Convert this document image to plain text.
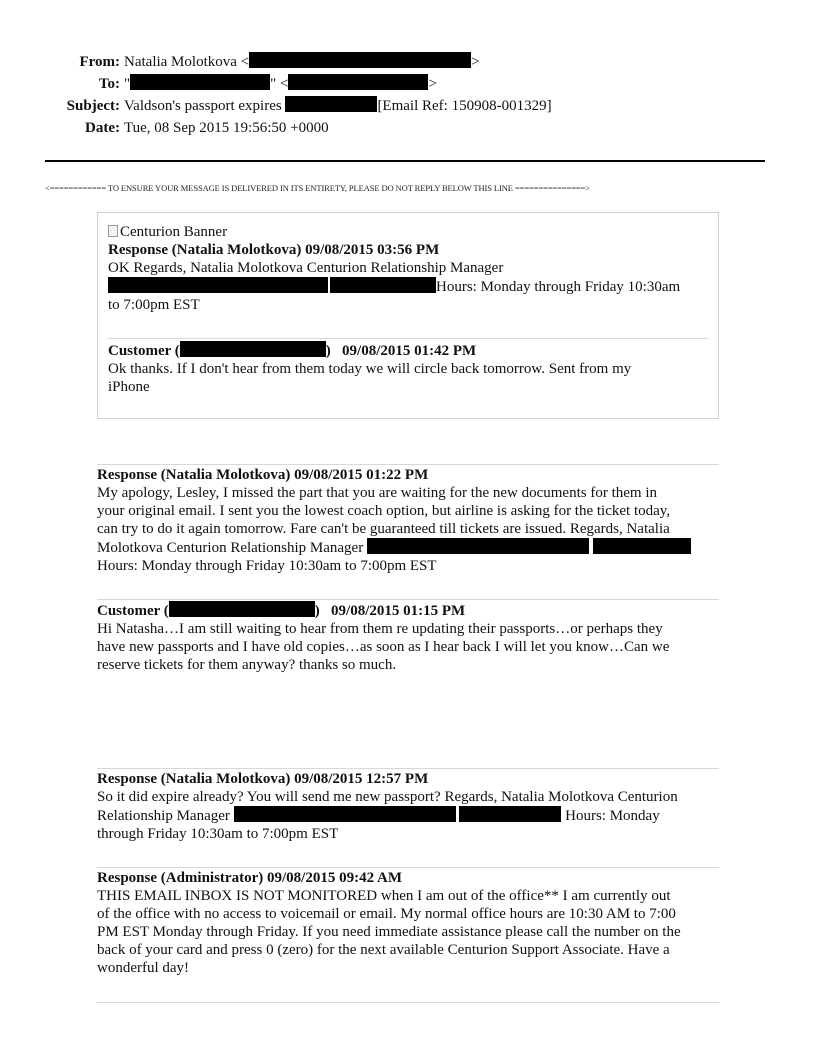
From: Natalia Molotkova <	>
To: "	" <	>
Subject: Valdson's passport expires	[Email Ref: 150908-001329]
Date: Tue, 08 Sep 2015 19:56:50 +0000
<============ TO ENSURE YOUR MESSAGE IS DELIVERED IN ITS ENTIRETY, PLEASE DO NOT REPLY BELOW THIS LINE ===============>
Centurion Banner
Response (Natalia Molotkova) 09/08/2015 03:56 PM
OK Regards, Natalia Molotkova Centurion Relationship Manager
Hours: Monday through Friday 10:30am
to 7:00pm EST
Customer (	)   09/08/2015 01:42 PM
Ok thanks. If I don't hear from them today we will circle back tomorrow. Sent from my
iPhone
Response (Natalia Molotkova) 09/08/2015 01:22 PM
My apology, Lesley, I missed the part that you are waiting for the new documents for them in
your original email. I sent you the lowest coach option, but airline is asking for the ticket today,
can try to do it again tomorrow. Fare can't be guaranteed till tickets are issued. Regards, Natalia
Molotkova Centurion Relationship Manager
Hours: Monday through Friday 10:30am to 7:00pm EST
Customer (	)   09/08/2015 01:15 PM
Hi Natasha…I am still waiting to hear from them re updating their passports…or perhaps they
have new passports and I have old copies…as soon as I hear back I will let you know…Can we
reserve tickets for them anyway? thanks so much.
Response (Natalia Molotkova) 09/08/2015 12:57 PM
So it did expire already? You will send me new passport? Regards, Natalia Molotkova Centurion
Relationship Manager	Hours: Monday
through Friday 10:30am to 7:00pm EST
Response (Administrator) 09/08/2015 09:42 AM
THIS EMAIL INBOX IS NOT MONITORED when I am out of the office** I am currently out
of the office with no access to voicemail or email. My normal office hours are 10:30 AM to 7:00
PM EST Monday through Friday. If you need immediate assistance please call the number on the
back of your card and press 0 (zero) for the next available Centurion Support Associate. Have a
wonderful day!
